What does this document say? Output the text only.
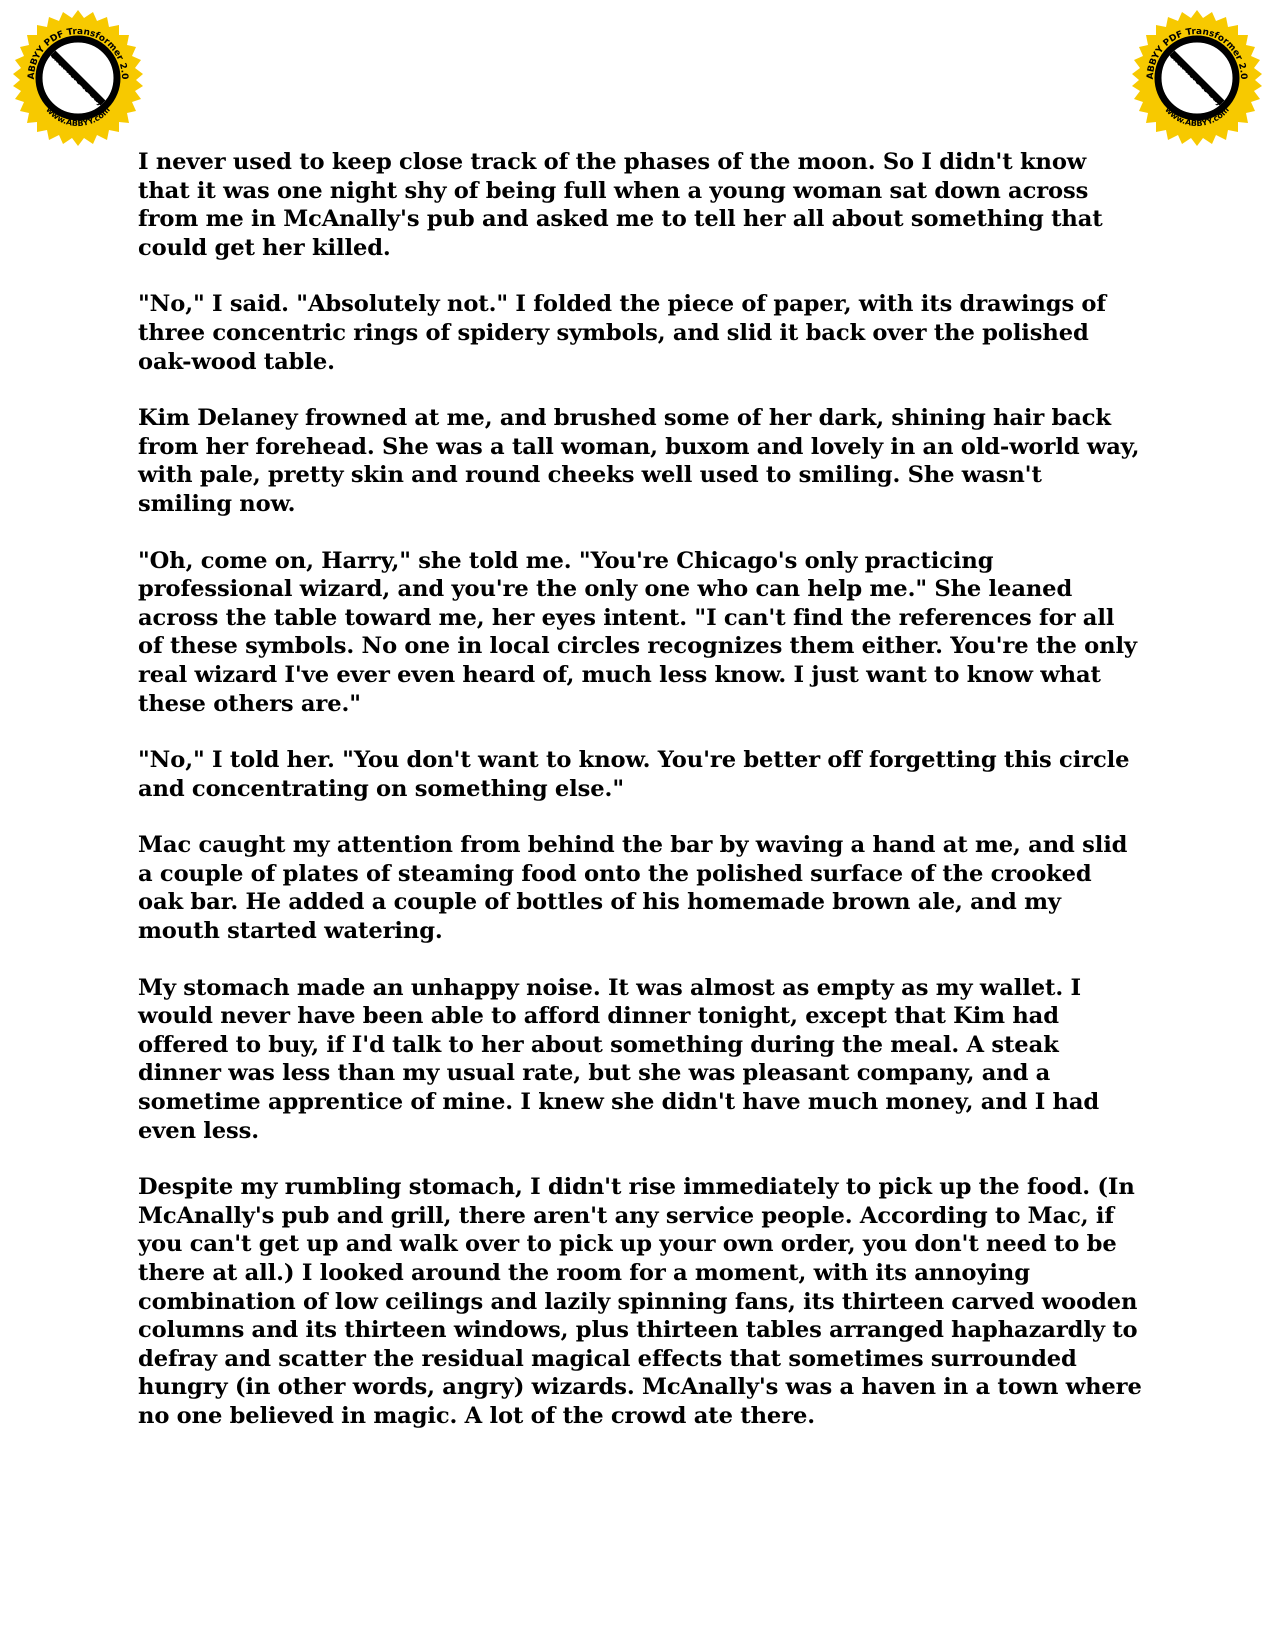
ABBYY PDF Transformer 2.0
www.ABBYY.com
Click here to buy	ABBYY PDF Transformer 2.0
www.ABBYY.com
Click here to buy

I never used to keep close track of the phases of the moon. So I didn't know that it was one night shy of being full when a young woman sat down across from me in McAnally's pub and asked me to tell her all about something that could get her killed.

"No," I said. "Absolutely not." I folded the piece of paper, with its drawings of three concentric rings of spidery symbols, and slid it back over the polished oak-wood table.

Kim Delaney frowned at me, and brushed some of her dark, shining hair back from her forehead. She was a tall woman, buxom and lovely in an old-world way, with pale, pretty skin and round cheeks well used to smiling. She wasn't smiling now.

"Oh, come on, Harry," she told me. "You're Chicago's only practicing professional wizard, and you're the only one who can help me." She leaned across the table toward me, her eyes intent. "I can't find the references for all of these symbols. No one in local circles recognizes them either. You're the only real wizard I've ever even heard of, much less know. I just want to know what these others are."

"No," I told her. "You don't want to know. You're better off forgetting this circle and concentrating on something else."

Mac caught my attention from behind the bar by waving a hand at me, and slid a couple of plates of steaming food onto the polished surface of the crooked oak bar. He added a couple of bottles of his homemade brown ale, and my mouth started watering.

My stomach made an unhappy noise. It was almost as empty as my wallet. I would never have been able to afford dinner tonight, except that Kim had offered to buy, if I'd talk to her about something during the meal. A steak dinner was less than my usual rate, but she was pleasant company, and a sometime apprentice of mine. I knew she didn't have much money, and I had even less.

Despite my rumbling stomach, I didn't rise immediately to pick up the food. (In McAnally's pub and grill, there aren't any service people. According to Mac, if you can't get up and walk over to pick up your own order, you don't need to be there at all.) I looked around the room for a moment, with its annoying combination of low ceilings and lazily spinning fans, its thirteen carved wooden columns and its thirteen windows, plus thirteen tables arranged haphazardly to defray and scatter the residual magical effects that sometimes surrounded hungry (in other words, angry) wizards. McAnally's was a haven in a town where no one believed in magic. A lot of the crowd ate there.
